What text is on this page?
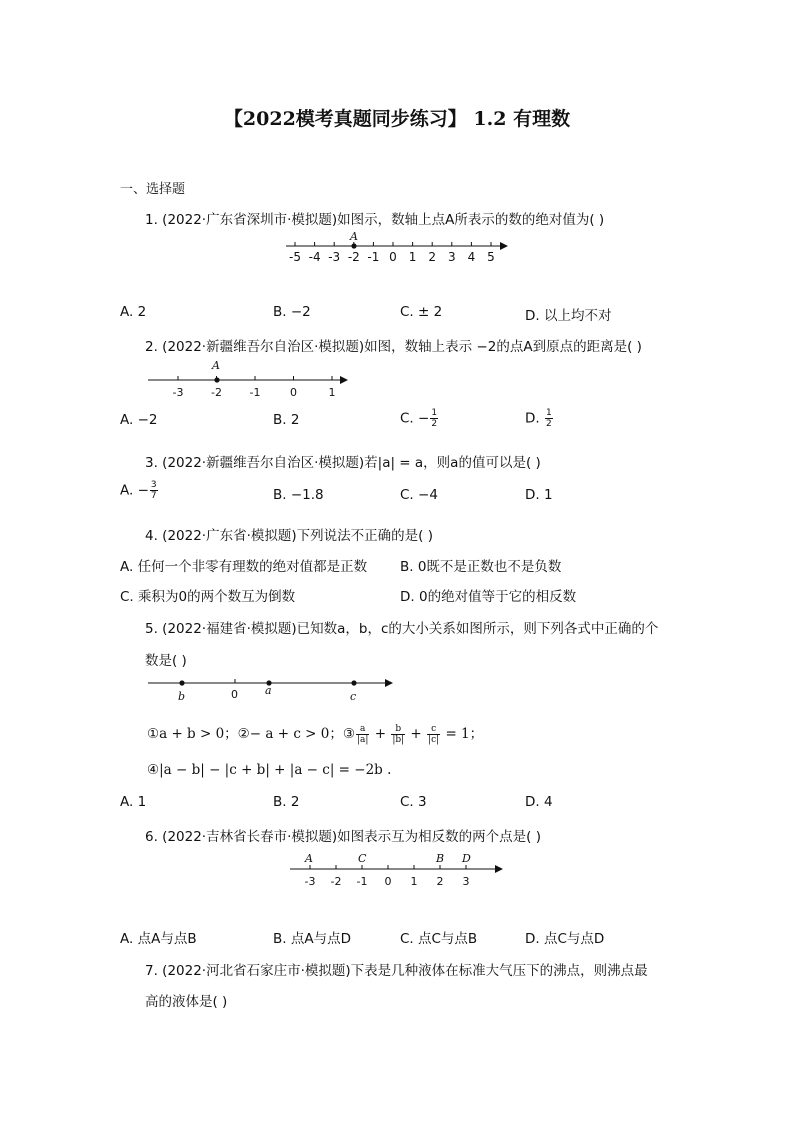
【2022模考真题同步练习】 1.2 有理数
一、选择题
1. (2022·广东省深圳市·模拟题)如图示，数轴上点A所表示的数的绝对值为( )
-5 -4 -3 -2 -1 0 1 2 3 4 5
A
A. 2	B. −2	C. ± 2	D. 以上均不对
2. (2022·新疆维吾尔自治区·模拟题)如图，数轴上表示 −2的点A到原点的距离是( )
-3	-2	-1	0	1
A
A. −2	B. 2	C. − $\frac{1}{2}$	D. $\frac{1}{2}$
3. (2022·新疆维吾尔自治区·模拟题)若|a| = a，则a的值可以是( )
A. − $\frac{3}{7}$	B. −1.8	C. −4	D. 1
4. (2022·广东省·模拟题)下列说法不正确的是( )
A. 任何一个非零有理数的绝对值都是正数 B. 0既不是正数也不是负数
C. 乘积为0的两个数互为倒数	D. 0的绝对值等于它的相反数
5. (2022·福建省·模拟题)已知数a，b，c的大小关系如图所示，则下列各式中正确的个
数是( )
b	0 a	c
①a + b > 0；②− a + c > 0；③ $\frac{a}{|a|} + \frac{b}{|b|} + \frac{c}{|c|} = 1$；
④|a − b| − |c + b| + |a − c| = −2b .
A. 1	B. 2	C. 3	D. 4
6. (2022·吉林省长春市·模拟题)如图表示互为相反数的两个点是( )
-3 -2 -1 0 1 2 3
A	C	B D
A. 点A与点B	B. 点A与点D	C. 点C与点B	D. 点C与点D
7. (2022·河北省石家庄市·模拟题)下表是几种液体在标准大气压下的沸点，则沸点最
高的液体是( )
